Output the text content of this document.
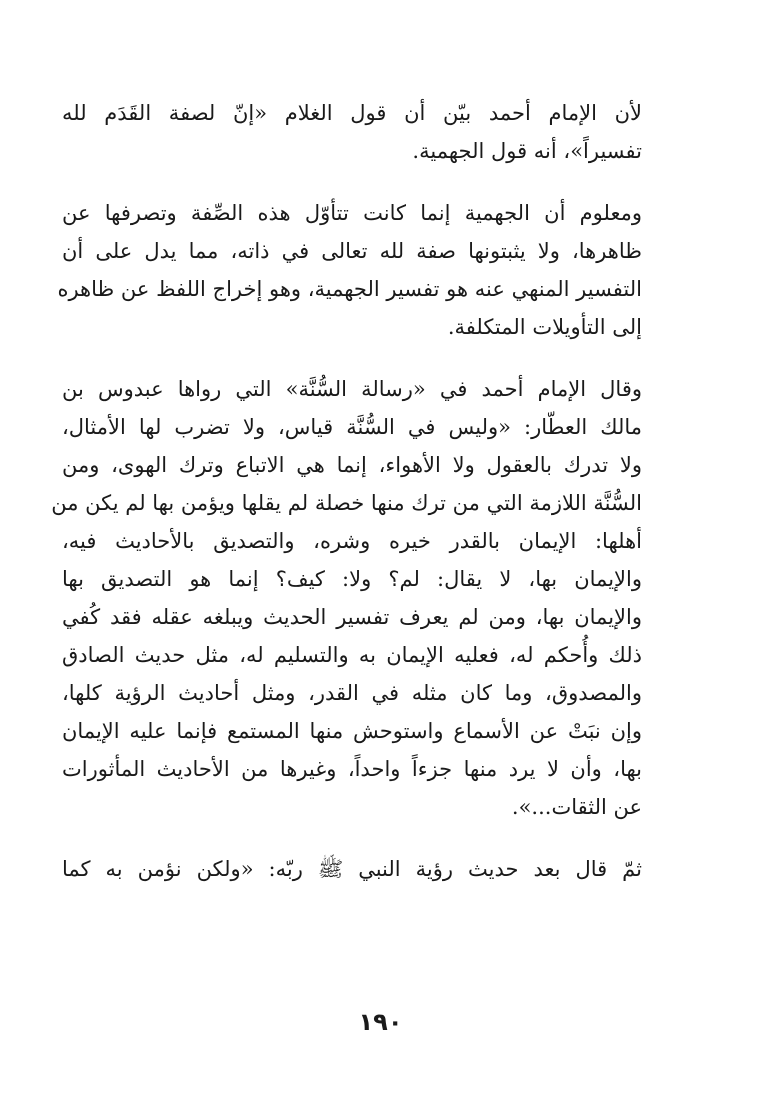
لأن الإمام أحمد بيّن أن قول الغلام «إنّ لصفة القَدَم لله
تفسيراً»، أنه قول الجهمية.
ومعلوم أن الجهمية إنما كانت تتأوّل هذه الصِّفة وتصرفها عن
ظاهرها، ولا يثبتونها صفة لله تعالى في ذاته، مما يدل على أن
التفسير المنهي عنه هو تفسير الجهمية، وهو إخراج اللفظ عن ظاهره
إلى التأويلات المتكلفة.
وقال الإمام أحمد في «رسالة السُّنَّة» التي رواها عبدوس بن
مالك العطّار: «وليس في السُّنَّة قياس، ولا تضرب لها الأمثال،
ولا تدرك بالعقول ولا الأهواء، إنما هي الاتباع وترك الهوى، ومن
السُّنَّة اللازمة التي من ترك منها خصلة لم يقلها ويؤمن بها لم يكن من
أهلها: الإيمان بالقدر خيره وشره، والتصديق بالأحاديث فيه،
والإيمان بها، لا يقال: لم؟ ولا: كيف؟ إنما هو التصديق بها
والإيمان بها، ومن لم يعرف تفسير الحديث ويبلغه عقله فقد كُفي
ذلك وأُحكم له، فعليه الإيمان به والتسليم له، مثل حديث الصادق
والمصدوق، وما كان مثله في القدر، ومثل أحاديث الرؤية كلها،
وإن نبَتْ عن الأسماع واستوحش منها المستمع فإنما عليه الإيمان
بها، وأن لا يرد منها جزءاً واحداً، وغيرها من الأحاديث المأثورات
عن الثقات...».
ثمّ قال بعد حديث رؤية النبي ﷺ ربّه: «ولكن نؤمن به كما
١٩٠
